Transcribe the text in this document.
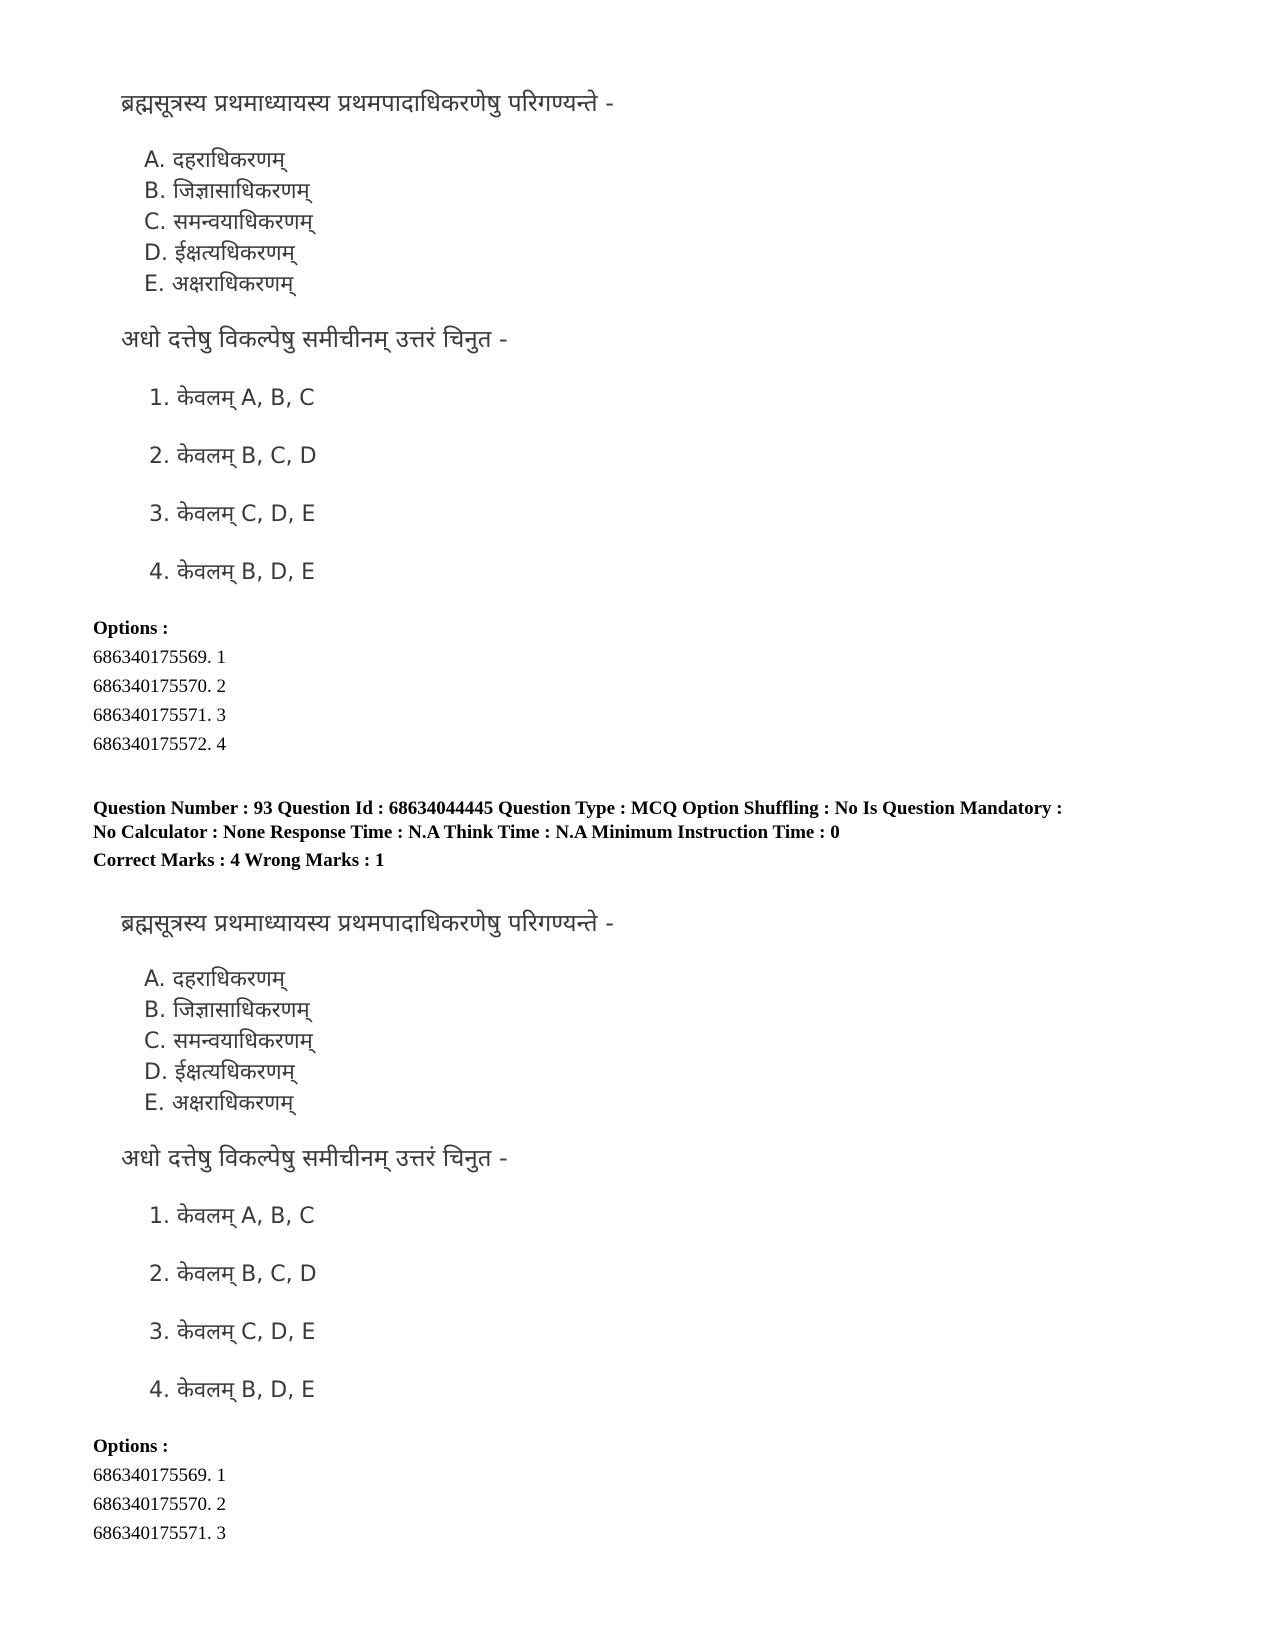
ब्रह्मसूत्रस्य प्रथमाध्यायस्य प्रथमपादाधिकरणेषु परिगण्यन्ते -
A. दहराधिकरणम्
B. जिज्ञासाधिकरणम्
C. समन्वयाधिकरणम्
D. ईक्षत्यधिकरणम्
E. अक्षराधिकरणम्
अधो दत्तेषु विकल्पेषु समीचीनम् उत्तरं चिनुत -
1. केवलम् A, B, C
2. केवलम् B, C, D
3. केवलम् C, D, E
4. केवलम् B, D, E
Options :
686340175569. 1
686340175570. 2
686340175571. 3
686340175572. 4
Question Number : 93 Question Id : 68634044445 Question Type : MCQ Option Shuffling : No Is Question Mandatory :
No Calculator : None Response Time : N.A Think Time : N.A Minimum Instruction Time : 0
Correct Marks : 4 Wrong Marks : 1
ब्रह्मसूत्रस्य प्रथमाध्यायस्य प्रथमपादाधिकरणेषु परिगण्यन्ते -
A. दहराधिकरणम्
B. जिज्ञासाधिकरणम्
C. समन्वयाधिकरणम्
D. ईक्षत्यधिकरणम्
E. अक्षराधिकरणम्
अधो दत्तेषु विकल्पेषु समीचीनम् उत्तरं चिनुत -
1. केवलम् A, B, C
2. केवलम् B, C, D
3. केवलम् C, D, E
4. केवलम् B, D, E
Options :
686340175569. 1
686340175570. 2
686340175571. 3
